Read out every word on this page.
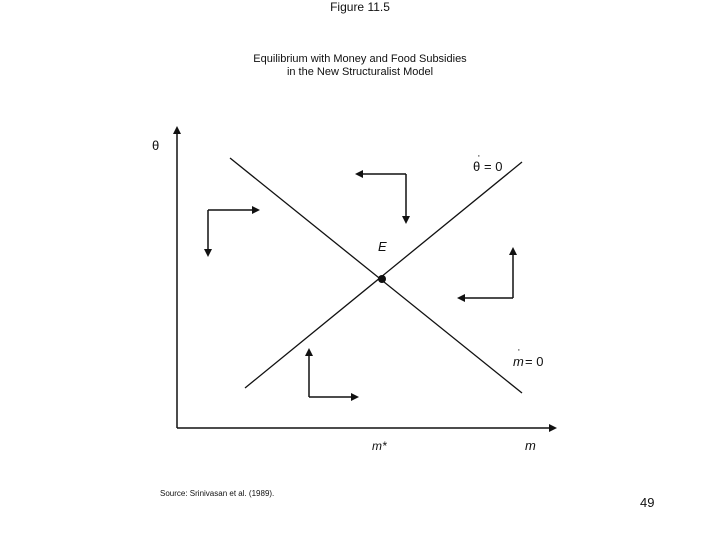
Figure 11.5
Equilibrium with Money and Food Subsidies
in the New Structuralist Model
θ
m
m*
θ
·
= 0
m
·
= 0
E
Source: Srinivasan et al. (1989).
49
